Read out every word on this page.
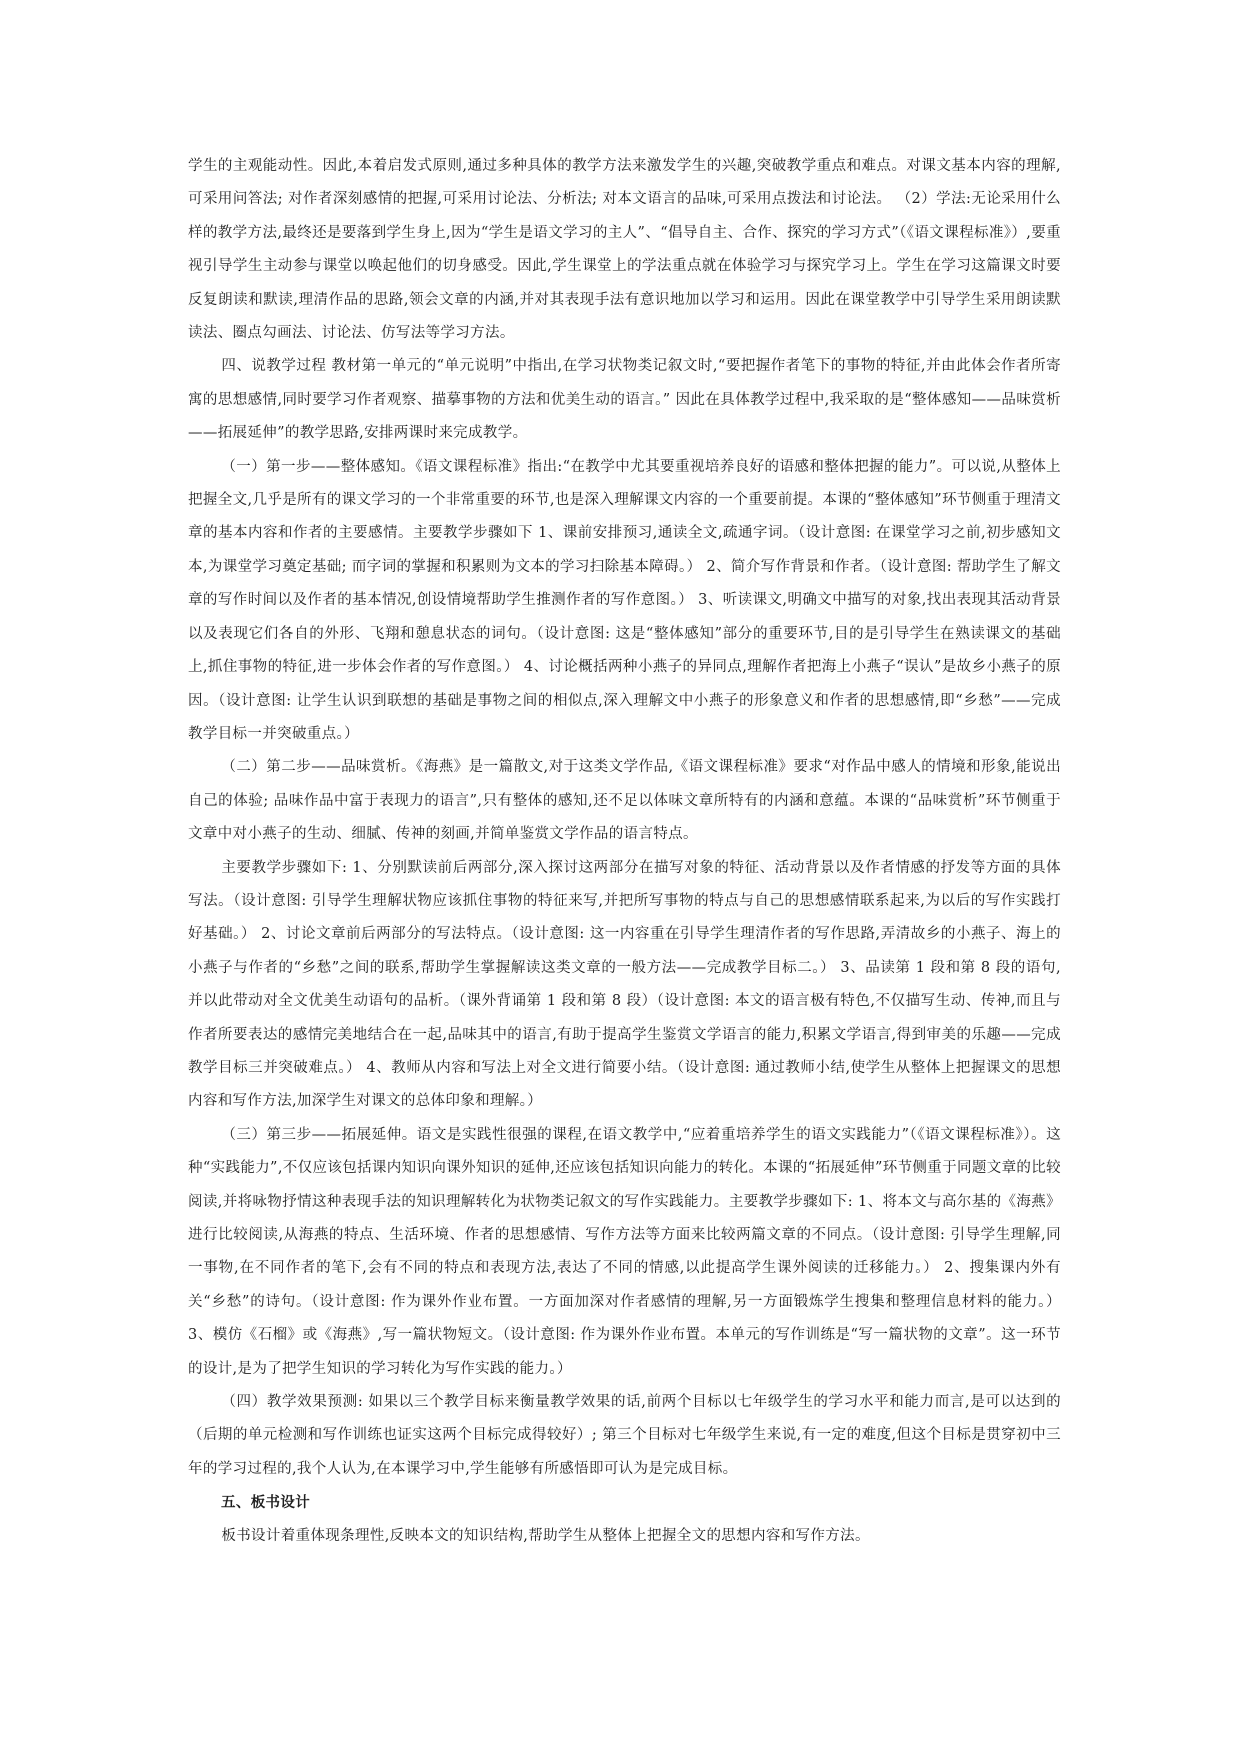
学生的主观能动性。因此,本着启发式原则,通过多种具体的教学方法来激发学生的兴趣,突破教学重点和难点。对课文基本内容的理解,可采用问答法; 对作者深刻感情的把握,可采用讨论法、分析法; 对本文语言的品味,可采用点拨法和讨论法。 （2）学法:无论采用什么样的教学方法,最终还是要落到学生身上,因为“学生是语文学习的主人”、“倡导自主、合作、探究的学习方式”（《语文课程标准》）,要重视引导学生主动参与课堂以唤起他们的切身感受。因此,学生课堂上的学法重点就在体验学习与探究学习上。学生在学习这篇课文时要反复朗读和默读,理清作品的思路,领会文章的内涵,并对其表现手法有意识地加以学习和运用。因此在课堂教学中引导学生采用朗读默读法、圈点勾画法、讨论法、仿写法等学习方法。

四、说教学过程 教材第一单元的“单元说明”中指出,在学习状物类记叙文时,“要把握作者笔下的事物的特征,并由此体会作者所寄寓的思想感情,同时要学习作者观察、描摹事物的方法和优美生动的语言。” 因此在具体教学过程中,我采取的是“整体感知——品味赏析——拓展延伸”的教学思路,安排两课时来完成教学。

（一）第一步——整体感知。《语文课程标准》指出:“在教学中尤其要重视培养良好的语感和整体把握的能力”。可以说,从整体上把握全文,几乎是所有的课文学习的一个非常重要的环节,也是深入理解课文内容的一个重要前提。本课的“整体感知”环节侧重于理清文章的基本内容和作者的主要感情。主要教学步骤如下 1、课前安排预习,通读全文,疏通字词。（设计意图: 在课堂学习之前,初步感知文本,为课堂学习奠定基础; 而字词的掌握和积累则为文本的学习扫除基本障碍。） 2、简介写作背景和作者。（设计意图: 帮助学生了解文章的写作时间以及作者的基本情况,创设情境帮助学生推测作者的写作意图。） 3、听读课文,明确文中描写的对象,找出表现其活动背景以及表现它们各自的外形、飞翔和憩息状态的词句。（设计意图: 这是“整体感知”部分的重要环节,目的是引导学生在熟读课文的基础上,抓住事物的特征,进一步体会作者的写作意图。） 4、讨论概括两种小燕子的异同点,理解作者把海上小燕子“误认”是故乡小燕子的原因。（设计意图: 让学生认识到联想的基础是事物之间的相似点,深入理解文中小燕子的形象意义和作者的思想感情,即“乡愁”——完成教学目标一并突破重点。）

（二）第二步——品味赏析。《海燕》是一篇散文,对于这类文学作品,《语文课程标准》要求“对作品中感人的情境和形象,能说出自己的体验; 品味作品中富于表现力的语言”,只有整体的感知,还不足以体味文章所特有的内涵和意蕴。本课的“品味赏析”环节侧重于文章中对小燕子的生动、细腻、传神的刻画,并简单鉴赏文学作品的语言特点。

主要教学步骤如下: 1、分别默读前后两部分,深入探讨这两部分在描写对象的特征、活动背景以及作者情感的抒发等方面的具体写法。（设计意图: 引导学生理解状物应该抓住事物的特征来写,并把所写事物的特点与自己的思想感情联系起来,为以后的写作实践打好基础。） 2、讨论文章前后两部分的写法特点。（设计意图: 这一内容重在引导学生理清作者的写作思路,弄清故乡的小燕子、海上的小燕子与作者的“乡愁”之间的联系,帮助学生掌握解读这类文章的一般方法——完成教学目标二。） 3、品读第 1 段和第 8 段的语句,并以此带动对全文优美生动语句的品析。（课外背诵第 1 段和第 8 段）（设计意图: 本文的语言极有特色,不仅描写生动、传神,而且与作者所要表达的感情完美地结合在一起,品味其中的语言,有助于提高学生鉴赏文学语言的能力,积累文学语言,得到审美的乐趣——完成教学目标三并突破难点。） 4、教师从内容和写法上对全文进行简要小结。（设计意图: 通过教师小结,使学生从整体上把握课文的思想内容和写作方法,加深学生对课文的总体印象和理解。）

（三）第三步——拓展延伸。语文是实践性很强的课程,在语文教学中,“应着重培养学生的语文实践能力”（《语文课程标准》）。这种“实践能力”,不仅应该包括课内知识向课外知识的延伸,还应该包括知识向能力的转化。本课的“拓展延伸”环节侧重于同题文章的比较阅读,并将咏物抒情这种表现手法的知识理解转化为状物类记叙文的写作实践能力。主要教学步骤如下: 1、将本文与高尔基的《海燕》进行比较阅读,从海燕的特点、生活环境、作者的思想感情、写作方法等方面来比较两篇文章的不同点。（设计意图: 引导学生理解,同一事物,在不同作者的笔下,会有不同的特点和表现方法,表达了不同的情感,以此提高学生课外阅读的迁移能力。） 2、搜集课内外有关“乡愁”的诗句。（设计意图: 作为课外作业布置。一方面加深对作者感情的理解,另一方面锻炼学生搜集和整理信息材料的能力。） 3、模仿《石榴》或《海燕》,写一篇状物短文。（设计意图: 作为课外作业布置。本单元的写作训练是“写一篇状物的文章”。这一环节的设计,是为了把学生知识的学习转化为写作实践的能力。）

（四）教学效果预测: 如果以三个教学目标来衡量教学效果的话,前两个目标以七年级学生的学习水平和能力而言,是可以达到的（后期的单元检测和写作训练也证实这两个目标完成得较好）; 第三个目标对七年级学生来说,有一定的难度,但这个目标是贯穿初中三年的学习过程的,我个人认为,在本课学习中,学生能够有所感悟即可认为是完成目标。

五、板书设计

板书设计着重体现条理性,反映本文的知识结构,帮助学生从整体上把握全文的思想内容和写作方法。
